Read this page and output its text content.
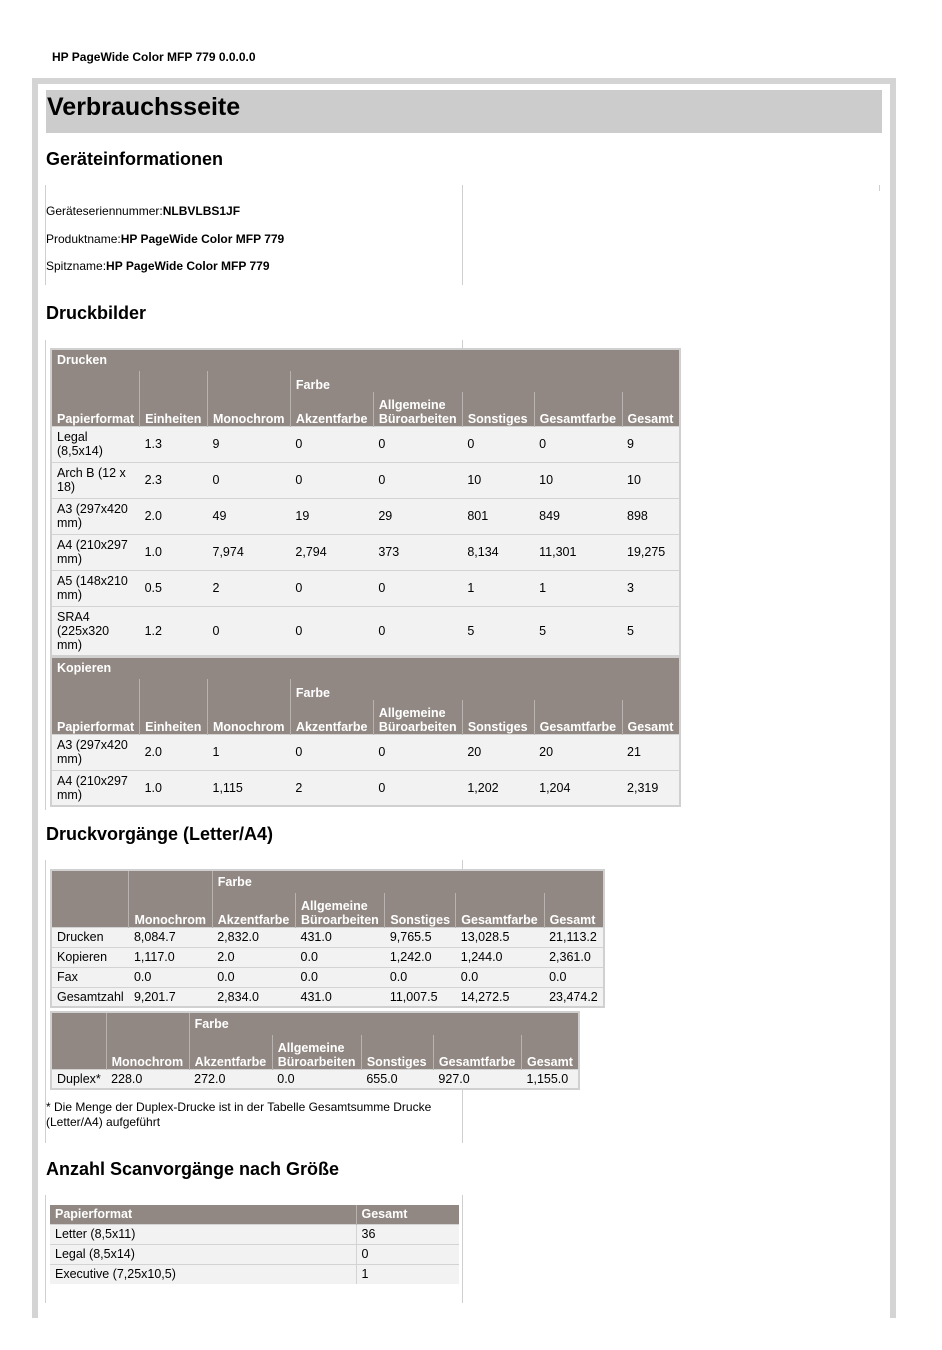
HP PageWide Color MFP 779 0.0.0.0
Verbrauchsseite
Geräteinformationen
Geräteseriennummer:NLBVLBS1JF
Produktname:HP PageWide Color MFP 779
Spitzname:HP PageWide Color MFP 779
Druckbilder
Drucken							
Papierformat	Einheiten	Monochrom	Farbe				
			Akzentfarbe	Allgemeine Büroarbeiten	Sonstiges	Gesamtfarbe	Gesamt
Legal (8,5x14)	1.3	9	0	0	0	0	9
Arch B (12 x 18)	2.3	0	0	0	10	10	10
A3 (297x420 mm)	2.0	49	19	29	801	849	898
A4 (210x297 mm)	1.0	7,974	2,794	373	8,134	11,301	19,275
A5 (148x210 mm)	0.5	2	0	0	1	1	3
SRA4 (225x320 mm)	1.2	0	0	0	5	5	5
Kopieren							
Papierformat	Einheiten	Monochrom	Farbe				
			Akzentfarbe	Allgemeine Büroarbeiten	Sonstiges	Gesamtfarbe	Gesamt
A3 (297x420 mm)	2.0	1	0	0	20	20	21
A4 (210x297 mm)	1.0	1,115	2	0	1,202	1,204	2,319
Druckvorgänge (Letter/A4)
	Monochrom	Farbe				
		Akzentfarbe	Allgemeine Büroarbeiten	Sonstiges	Gesamtfarbe	Gesamt
Drucken	8,084.7	2,832.0	431.0	9,765.5	13,028.5	21,113.2
Kopieren	1,117.0	2.0	0.0	1,242.0	1,244.0	2,361.0
Fax	0.0	0.0	0.0	0.0	0.0	0.0
Gesamtzahl	9,201.7	2,834.0	431.0	11,007.5	14,272.5	23,474.2
	Monochrom	Farbe				
		Akzentfarbe	Allgemeine Büroarbeiten	Sonstiges	Gesamtfarbe	Gesamt
Duplex*	228.0	272.0	0.0	655.0	927.0	1,155.0
* Die Menge der Duplex-Drucke ist in der Tabelle Gesamtsumme Drucke (Letter/A4) aufgeführt
Anzahl Scanvorgänge nach Größe
Papierformat	Gesamt
Letter (8,5x11)	36
Legal (8,5x14)	0
Executive (7,25x10,5)	1
